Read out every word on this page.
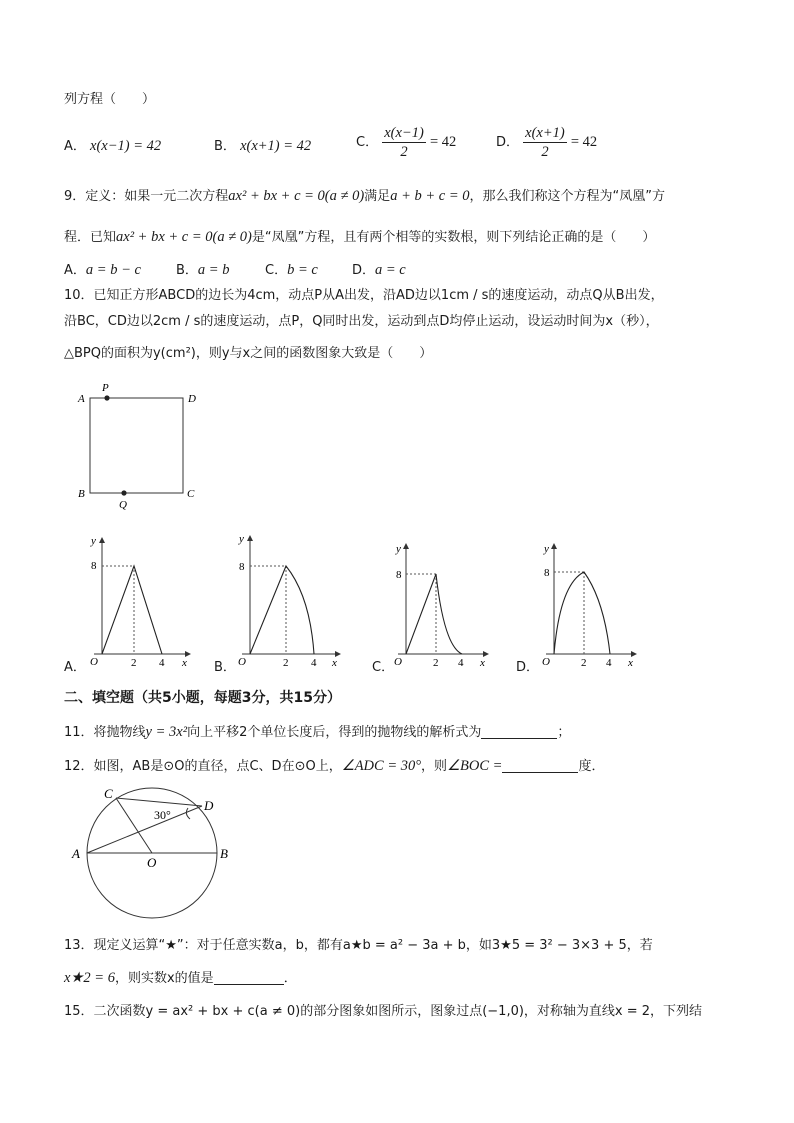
列方程（　　）
A． x(x−1) = 42	B． x(x+1) = 42	C． $\frac{x(x-1)}{2} = 42$	D． $\frac{x(x+1)}{2} = 42$
9．定义：如果一元二次方程ax² + bx + c = 0(a ≠ 0)满足a + b + c = 0，那么我们称这个方程为“凤凰”方
程．已知ax² + bx + c = 0(a ≠ 0)是“凤凰”方程，且有两个相等的实数根，则下列结论正确的是（　　）
A．a = b − c	B．a = b	C．b = c	D．a = c
10．已知正方形ABCD的边长为4cm，动点P从A出发，沿AD边以1cm / s的速度运动，动点Q从B出发，
沿BC，CD边以2cm / s的速度运动，点P，Q同时出发，运动到点D均停止运动，设运动时间为x（秒），
△BPQ的面积为y(cm²)，则y与x之间的函数图象大致是（　　）
A	D
P
B	C
Q
y
8
O	2 4 x
y
8
O	2 4 x
y
8
O	2 4 x
y
8
O	2 4 x
A．	B．	C．	D．
二、填空题（共5小题，每题3分，共15分）
11．将抛物线y = 3x²向上平移2个单位长度后，得到的抛物线的解析式为	；
12．如图，AB是⊙O的直径，点C、D在⊙O上，∠ADC = 30°，则∠BOC =	度．
C
D
A	B
O
30°
13．现定义运算“★”：对于任意实数a，b，都有a★b = a² − 3a + b，如3★5 = 3² − 3×3 + 5，若
x★2 = 6，则实数x的值是	．
15．二次函数y = ax² + bx + c(a ≠ 0)的部分图象如图所示，图象过点(−1,0)，对称轴为直线x = 2，下列结
